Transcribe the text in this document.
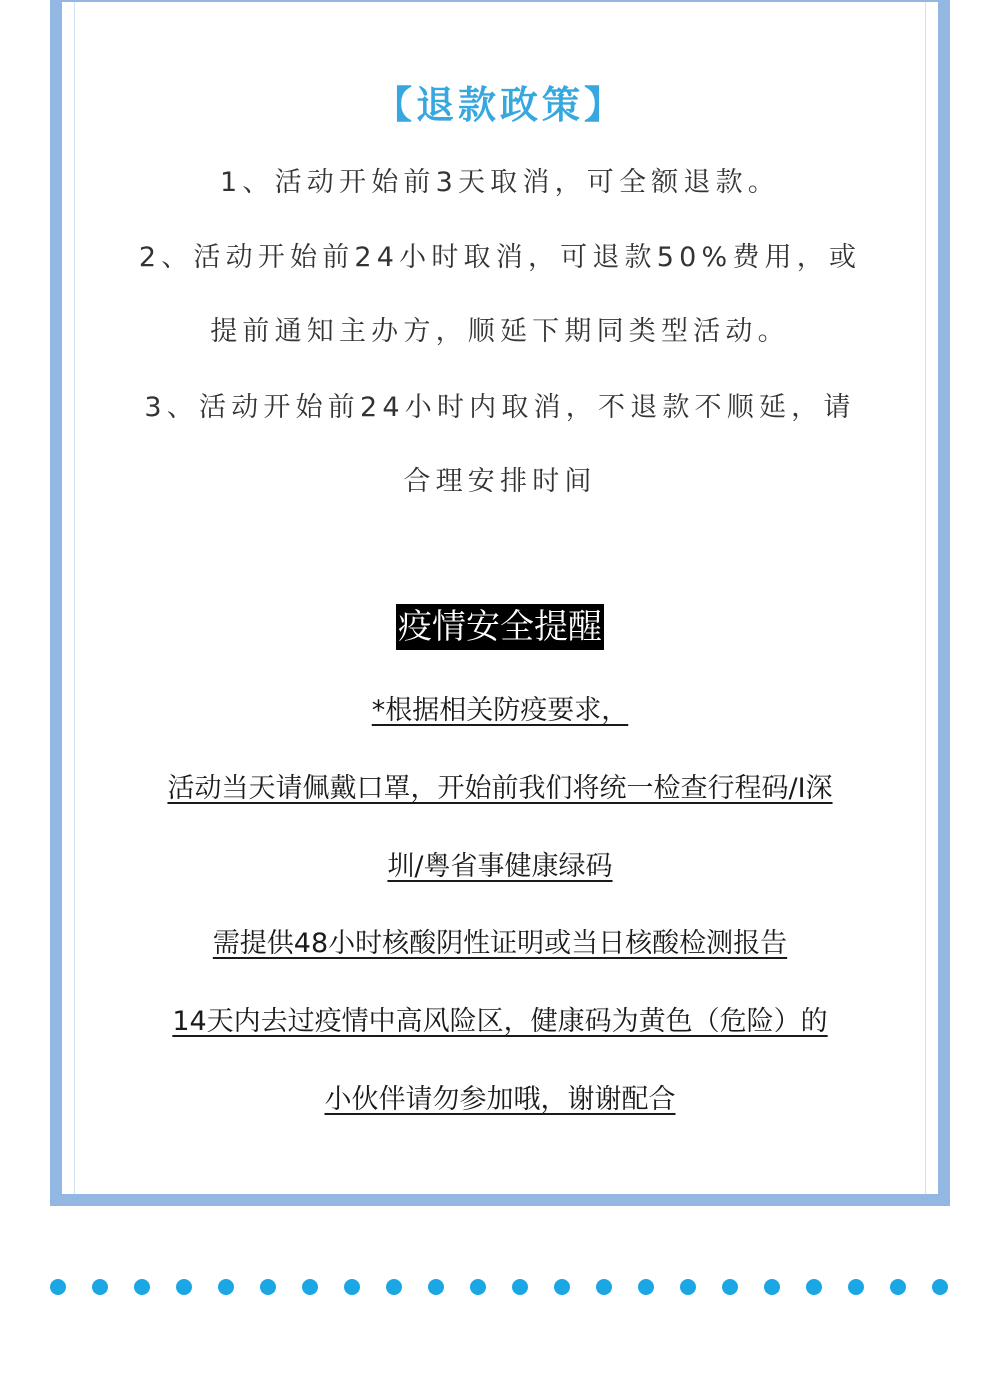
【退款政策】
1、活动开始前3天取消，可全额退款。
2、活动开始前24小时取消，可退款50%费用，或
提前通知主办方，顺延下期同类型活动。
3、活动开始前24小时内取消，不退款不顺延，请
合理安排时间
疫情安全提醒
*根据相关防疫要求，
活动当天请佩戴口罩，开始前我们将统一检查行程码/I深
圳/粤省事健康绿码
需提供48小时核酸阴性证明或当日核酸检测报告
14天内去过疫情中高风险区，健康码为黄色（危险）的
小伙伴请勿参加哦，谢谢配合
